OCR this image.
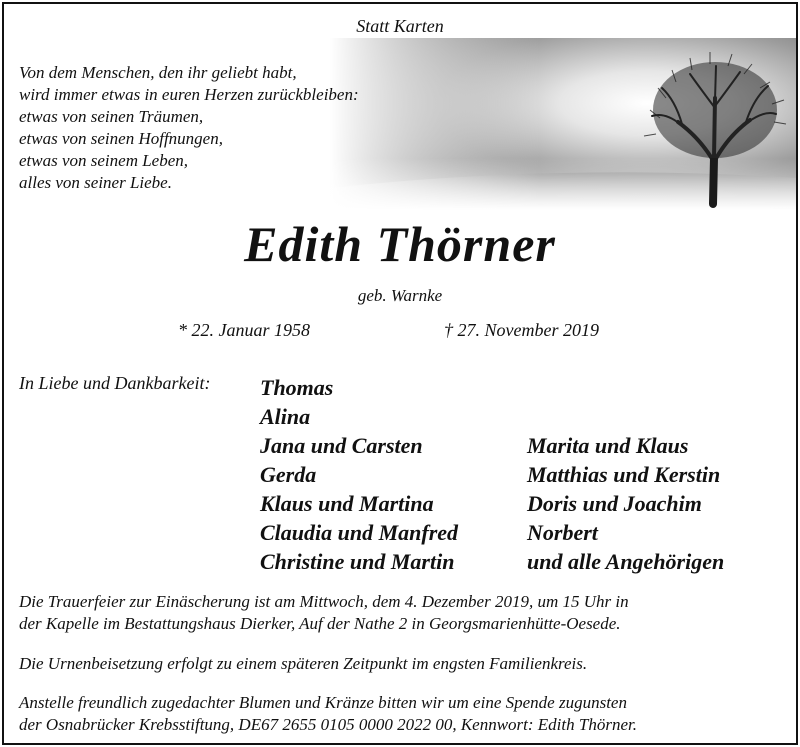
Statt Karten
Von dem Menschen, den ihr geliebt habt,
wird immer etwas in euren Herzen zurückbleiben:
etwas von seinen Träumen,
etwas von seinen Hoffnungen,
etwas von seinem Leben,
alles von seiner Liebe.
Edith Thörner
geb. Warnke
* 22. Januar 1958	† 27. November 2019
In Liebe und Dankbarkeit: Thomas
Alina
Jana und Carsten
Gerda
Klaus und Martina
Claudia und Manfred
Christine und Martin
Marita und Klaus
Matthias und Kerstin
Doris und Joachim
Norbert
und alle Angehörigen
Die Trauerfeier zur Einäscherung ist am Mittwoch, dem 4. Dezember 2019, um 15 Uhr in
der Kapelle im Bestattungshaus Dierker, Auf der Nathe 2 in Georgsmarienhütte-Oesede.
Die Urnenbeisetzung erfolgt zu einem späteren Zeitpunkt im engsten Familienkreis.
Anstelle freundlich zugedachter Blumen und Kränze bitten wir um eine Spende zugunsten
der Osnabrücker Krebsstiftung, DE67 2655 0105 0000 2022 00, Kennwort: Edith Thörner.
